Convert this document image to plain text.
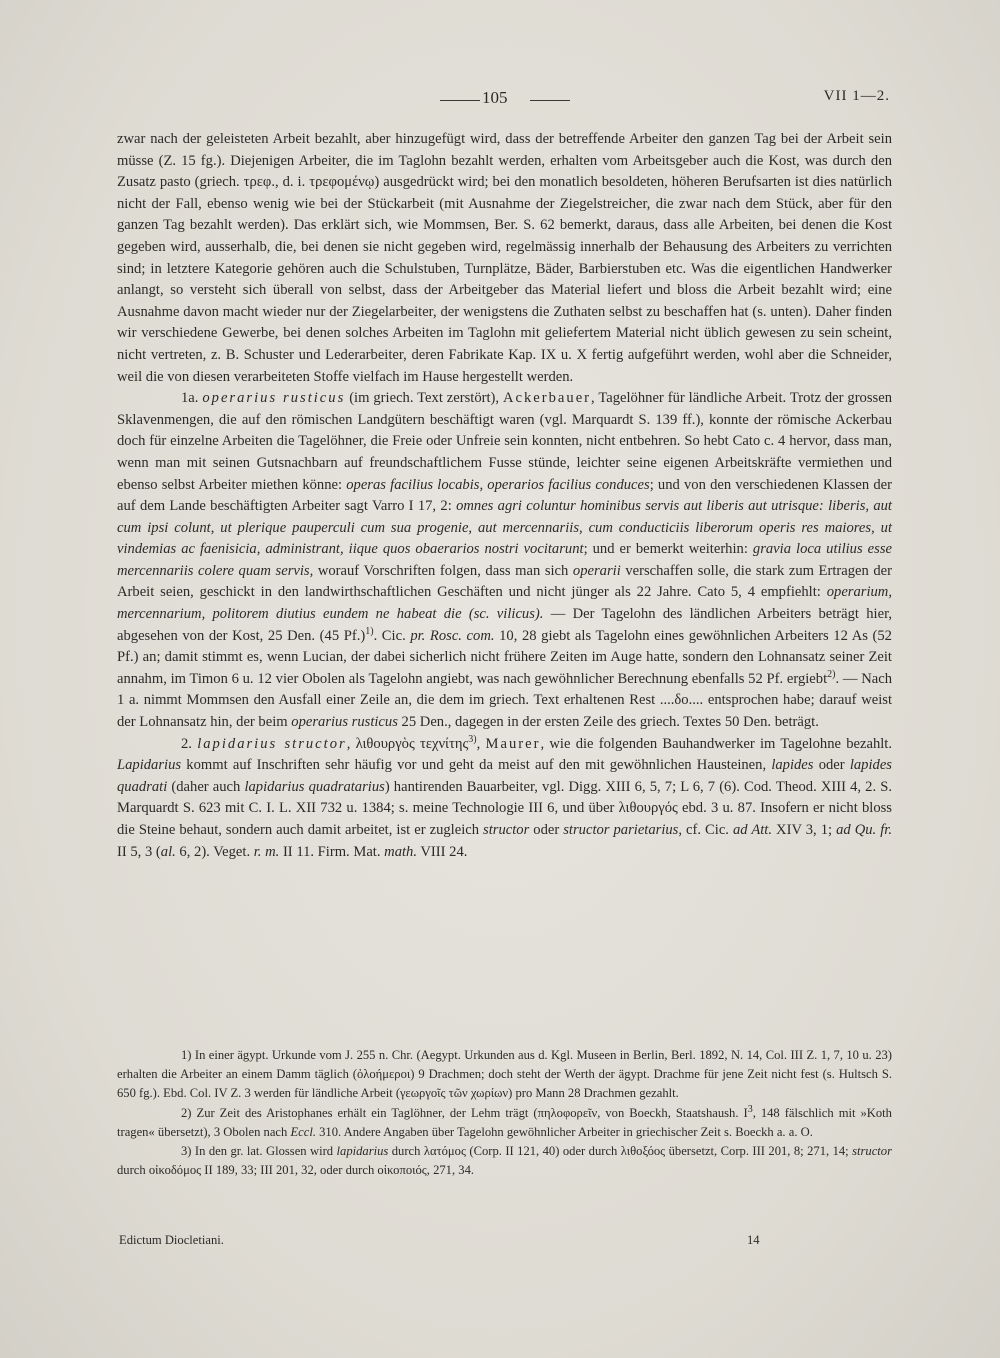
105	VII 1—2.

zwar nach der geleisteten Arbeit bezahlt, aber hinzugefügt wird, dass der betreffende Arbeiter den ganzen Tag bei der Arbeit sein müsse (Z. 15 fg.). Diejenigen Arbeiter, die im Taglohn bezahlt werden, erhalten vom Arbeitsgeber auch die Kost, was durch den Zusatz pasto (griech. τρεφ., d. i. τρεφομένῳ) ausgedrückt wird; bei den monatlich besoldeten, höheren Berufsarten ist dies natürlich nicht der Fall, ebenso wenig wie bei der Stückarbeit (mit Ausnahme der Ziegelstreicher, die zwar nach dem Stück, aber für den ganzen Tag bezahlt werden). Das erklärt sich, wie Mommsen, Ber. S. 62 bemerkt, daraus, dass alle Arbeiten, bei denen die Kost gegeben wird, ausserhalb, die, bei denen sie nicht gegeben wird, regelmässig innerhalb der Behausung des Arbeiters zu verrichten sind; in letztere Kategorie gehören auch die Schulstuben, Turnplätze, Bäder, Barbierstuben etc. Was die eigentlichen Handwerker anlangt, so versteht sich überall von selbst, dass der Arbeitgeber das Material liefert und bloss die Arbeit bezahlt wird; eine Ausnahme davon macht wieder nur der Ziegelarbeiter, der wenigstens die Zuthaten selbst zu beschaffen hat (s. unten). Daher finden wir verschiedene Gewerbe, bei denen solches Arbeiten im Taglohn mit geliefertem Material nicht üblich gewesen zu sein scheint, nicht vertreten, z. B. Schuster und Lederarbeiter, deren Fabrikate Kap. IX u. X fertig aufgeführt werden, wohl aber die Schneider, weil die von diesen verarbeiteten Stoffe vielfach im Hause hergestellt werden.

1a. operarius rusticus (im griech. Text zerstört), Ackerbauer, Tagelöhner für ländliche Arbeit. Trotz der grossen Sklavenmengen, die auf den römischen Landgütern beschäftigt waren (vgl. Marquardt S. 139 ff.), konnte der römische Ackerbau doch für einzelne Arbeiten die Tagelöhner, die Freie oder Unfreie sein konnten, nicht entbehren. So hebt Cato c. 4 hervor, dass man, wenn man mit seinen Gutsnachbarn auf freundschaftlichem Fusse stünde, leichter seine eigenen Arbeitskräfte vermiethen und ebenso selbst Arbeiter miethen könne: operas facilius locabis, operarios facilius conduces; und von den verschiedenen Klassen der auf dem Lande beschäftigten Arbeiter sagt Varro I 17, 2: omnes agri coluntur hominibus servis aut liberis aut utrisque: liberis, aut cum ipsi colunt, ut plerique pauperculi cum sua progenie, aut mercennariis, cum conducticiis liberorum operis res maiores, ut vindemias ac faenisicia, administrant, iique quos obaerarios nostri vocitarunt; und er bemerkt weiterhin: gravia loca utilius esse mercennariis colere quam servis, worauf Vorschriften folgen, dass man sich operarii verschaffen solle, die stark zum Ertragen der Arbeit seien, geschickt in den landwirthschaftlichen Geschäften und nicht jünger als 22 Jahre. Cato 5, 4 empfiehlt: operarium, mercennarium, politorem diutius eundem ne habeat die (sc. vilicus). — Der Tagelohn des ländlichen Arbeiters beträgt hier, abgesehen von der Kost, 25 Den. (45 Pf.)$^{1)}$. Cic. pr. Rosc. com. 10, 28 giebt als Tagelohn eines gewöhnlichen Arbeiters 12 As (52 Pf.) an; damit stimmt es, wenn Lucian, der dabei sicherlich nicht frühere Zeiten im Auge hatte, sondern den Lohnansatz seiner Zeit annahm, im Timon 6 u. 12 vier Obolen als Tagelohn angiebt, was nach gewöhnlicher Berechnung ebenfalls 52 Pf. ergiebt$^{2)}$. — Nach 1 a. nimmt Mommsen den Ausfall einer Zeile an, die dem im griech. Text erhaltenen Rest ....δο.... entsprochen habe; darauf weist der Lohnansatz hin, der beim operarius rusticus 25 Den., dagegen in der ersten Zeile des griech. Textes 50 Den. beträgt.

2. lapidarius structor, λιθουργὸς τεχνίτης$^{3)}$, Maurer, wie die folgenden Bauhandwerker im Tagelohne bezahlt. Lapidarius kommt auf Inschriften sehr häufig vor und geht da meist auf den mit gewöhnlichen Hausteinen, lapides oder lapides quadrati (daher auch lapidarius quadratarius) hantirenden Bauarbeiter, vgl. Digg. XIII 6, 5, 7; L 6, 7 (6). Cod. Theod. XIII 4, 2. S. Marquardt S. 623 mit C. I. L. XII 732 u. 1384; s. meine Technologie III 6, und über λιθουργός ebd. 3 u. 87. Insofern er nicht bloss die Steine behaut, sondern auch damit arbeitet, ist er zugleich structor oder structor parietarius, cf. Cic. ad Att. XIV 3, 1; ad Qu. fr. II 5, 3 (al. 6, 2). Veget. r. m. II 11. Firm. Mat. math. VIII 24.

1) In einer ägypt. Urkunde vom J. 255 n. Chr. (Aegypt. Urkunden aus d. Kgl. Museen in Berlin, Berl. 1892, N. 14, Col. III Z. 1, 7, 10 u. 23) erhalten die Arbeiter an einem Damm täglich (ὀλοήμεροι) 9 Drachmen; doch steht der Werth der ägypt. Drachme für jene Zeit nicht fest (s. Hultsch S. 650 fg.). Ebd. Col. IV Z. 3 werden für ländliche Arbeit (γεωργοῖς τῶν χωρίων) pro Mann 28 Drachmen gezahlt.

2) Zur Zeit des Aristophanes erhält ein Taglöhner, der Lehm trägt (πηλοφορεῖν, von Boeckh, Staatshaush. $I^3$, 148 fälschlich mit »Koth tragen« übersetzt), 3 Obolen nach Eccl. 310. Andere Angaben über Tagelohn gewöhnlicher Arbeiter in griechischer Zeit s. Boeckh a. a. O.

3) In den gr. lat. Glossen wird lapidarius durch λατόμος (Corp. II 121, 40) oder durch λιθοξόος übersetzt, Corp. III 201, 8; 271, 14; structor durch οἰκοδόμος II 189, 33; III 201, 32, oder durch οἰκοποιός, 271, 34.

Edictum Diocletiani.	14
